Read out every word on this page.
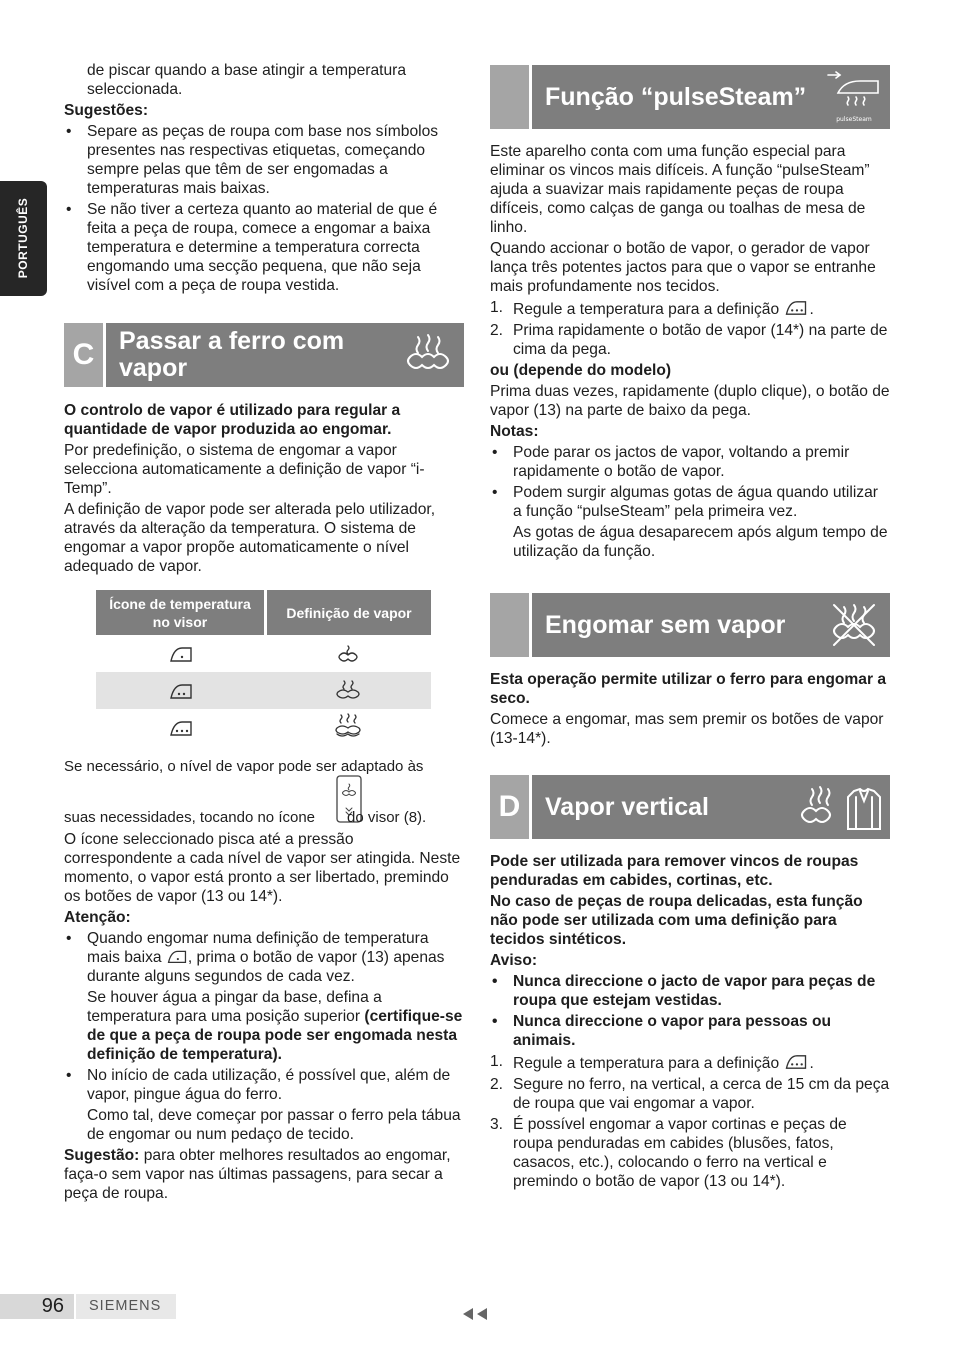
PORTUGUÊS

de piscar quando a base atingir a temperatura seleccionada.

Sugestões:

• Separe as peças de roupa com base nos símbolos presentes nas respectivas etiquetas, começando sempre pelas que têm de ser engomadas a temperaturas mais baixas.
• Se não tiver a certeza quanto ao material de que é feita a peça de roupa, comece a engomar a baixa temperatura e determine a temperatura correcta engomando uma secção pequena, que não seja visível com a peça de roupa vestida.
C Passar a ferro com vapor

O controlo de vapor é utilizado para regular a quantidade de vapor produzida ao engomar.

Por predefinição, o sistema de engomar a vapor selecciona automaticamente a definição de vapor “i-Temp”.

A definição de vapor pode ser alterada pelo utilizador, através da alteração da temperatura. O sistema de engomar a vapor propõe automaticamente o nível adequado de vapor.

Ícone de temperatura no visor	Definição de vapor

Se necessário, o nível de vapor pode ser adaptado às

suas necessidades, tocando no ícone do visor (8).

O ícone seleccionado pisca até a pressão correspondente a cada nível de vapor ser atingida. Neste momento, o vapor está pronto a ser libertado, premindo os botões de vapor (13 ou 14*).

Atenção:

• Quando engomar numa definição de temperatura mais baixa , prima o botão de vapor (13) apenas durante alguns segundos de cada vez.

Se houver água a pingar da base, defina a temperatura para uma posição superior (certifique-se de que a peça de roupa pode ser engomada nesta definição de temperatura).

• No início de cada utilização, é possível que, além de vapor, pingue água do ferro.

Como tal, deve começar por passar o ferro pela tábua de engomar ou num pedaço de tecido.

Sugestão: para obter melhores resultados ao engomar, faça-o sem vapor nas últimas passagens, para secar a peça de roupa.

Função “pulseSteam”
pulseSteam

Este aparelho conta com uma função especial para eliminar os vincos mais difíceis. A função “pulseSteam” ajuda a suavizar mais rapidamente peças de roupa difíceis, como calças de ganga ou toalhas de mesa de linho.

Quando accionar o botão de vapor, o gerador de vapor lança três potentes jactos para que o vapor se entranhe mais profundamente nos tecidos.

1. Regule a temperatura para a definição .
2. Prima rapidamente o botão de vapor (14*) na parte de cima da pega.

ou (depende do modelo)

Prima duas vezes, rapidamente (duplo clique), o botão de vapor (13) na parte de baixo da pega.

Notas:

• Pode parar os jactos de vapor, voltando a premir rapidamente o botão de vapor.
• Podem surgir algumas gotas de água quando utilizar a função “pulseSteam” pela primeira vez.

As gotas de água desaparecem após algum tempo de utilização da função.

Engomar sem vapor

Esta operação permite utilizar o ferro para engomar a seco.

Comece a engomar, mas sem premir os botões de vapor (13-14*).

D Vapor vertical

Pode ser utilizada para remover vincos de roupas penduradas em cabides, cortinas, etc.

No caso de peças de roupa delicadas, esta função não pode ser utilizada com uma definição para tecidos sintéticos.

Aviso:

• Nunca direccione o jacto de vapor para peças de roupa que estejam vestidas.
• Nunca direccione o vapor para pessoas ou animais.
1. Regule a temperatura para a definição .
2. Segure no ferro, na vertical, a cerca de 15 cm da peça de roupa que vai engomar a vapor.
3. É possível engomar a vapor cortinas e peças de roupa penduradas em cabides (blusões, fatos, casacos, etc.), colocando o ferro na vertical e premindo o botão de vapor (13 ou 14*).
96	SIEMENS
